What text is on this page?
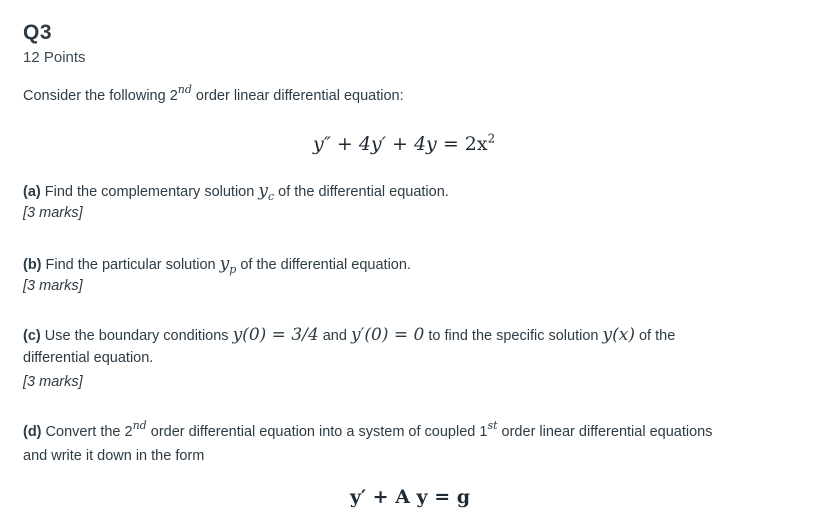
Q3
12 Points
Consider the following 2nd order linear differential equation:
$y'' + 4y' + 4y = 2x^2$
(a) Find the complementary solution $y_c$ of the differential equation.
[3 marks]
(b) Find the particular solution $y_p$ of the differential equation.
[3 marks]
(c) Use the boundary conditions y(0) = 3/4 and y′(0) = 0 to find the specific solution y(x) of the
differential equation.
[3 marks]
(d) Convert the 2nd order differential equation into a system of coupled 1st order linear differential equations
and write it down in the form
y′ + A y = g
